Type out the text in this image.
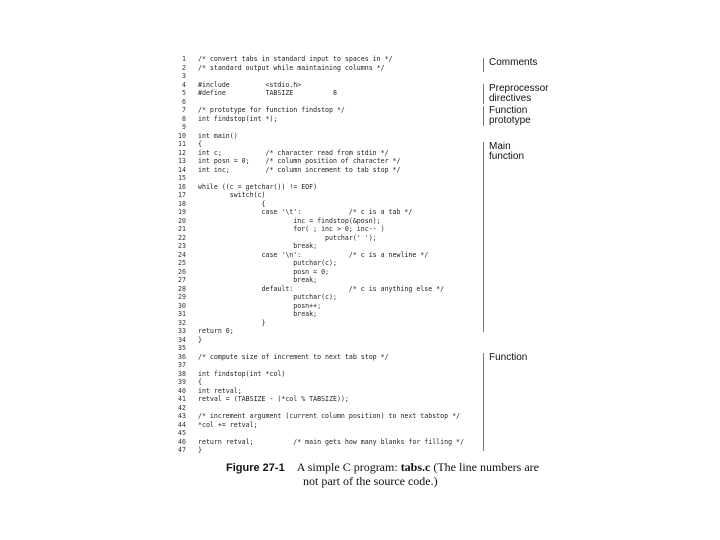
1 /* convert tabs in standard input to spaces in */
2 /* standard output while maintaining columns */
3
4 #include         <stdio.h>
5 #define          TABSIZE          8
6
7 /* prototype for function findstop */
8 int findstop(int *);
9
10 int main()
11 {
12 int c;           /* character read from stdin */
13 int posn = 0;    /* column position of character */
14 int inc;         /* column increment to tab stop */
15
16 while ((c = getchar()) != EOF)
17        switch(c)
18                {
19                case '\t':            /* c is a tab */
20                        inc = findstop(&posn);
21                        for( ; inc > 0; inc-- )
22                                putchar(' ');
23                        break;
24                case '\n':            /* c is a newline */
25                        putchar(c);
26                        posn = 0;
27                        break;
28                default:              /* c is anything else */
29                        putchar(c);
30                        posn++;
31                        break;
32                }
33 return 0;
34 }
35
36 /* compute size of increment to next tab stop */
37
38 int findstop(int *col)
39 {
40 int retval;
41 retval = (TABSIZE - (*col % TABSIZE));
42
43 /* increment argument (current column position) to next tabstop */
44 *col += retval;
45
46 return retval;          /* main gets how many blanks for filling */
47 }
Comments
Preprocessor
directives
Function
prototype
Main
function
Function
Figure 27-1 A simple C program: tabs.c (The line numbers are
not part of the source code.)
